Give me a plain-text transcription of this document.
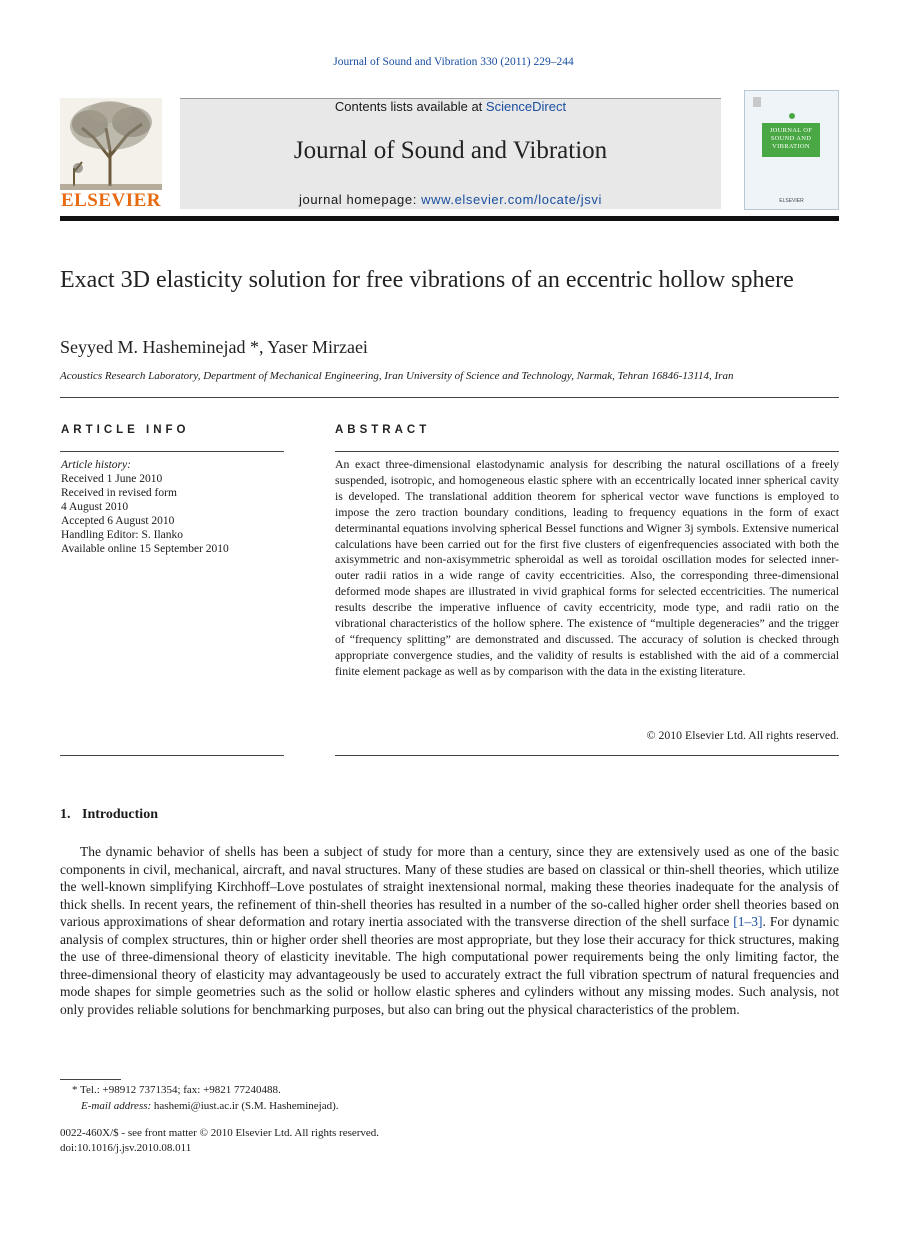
Journal of Sound and Vibration 330 (2011) 229–244
ELSEVIER
Contents lists available at ScienceDirect
Journal of Sound and Vibration
journal homepage: www.elsevier.com/locate/jsvi
JOURNAL OF SOUND AND VIBRATION
ELSEVIER
Exact 3D elasticity solution for free vibrations of an eccentric hollow sphere
Seyyed M. Hasheminejad *, Yaser Mirzaei
Acoustics Research Laboratory, Department of Mechanical Engineering, Iran University of Science and Technology, Narmak, Tehran 16846-13114, Iran
ARTICLE INFO	ABSTRACT
Article history:
Received 1 June 2010
Received in revised form
4 August 2010
Accepted 6 August 2010
Handling Editor: S. Ilanko
Available online 15 September 2010
An exact three-dimensional elastodynamic analysis for describing the natural oscillations of a freely suspended, isotropic, and homogeneous elastic sphere with an eccentrically located inner spherical cavity is developed. The translational addition theorem for spherical vector wave functions is employed to impose the zero traction boundary conditions, leading to frequency equations in the form of exact determinantal equations involving spherical Bessel functions and Wigner 3j symbols. Extensive numerical calculations have been carried out for the first five clusters of eigenfrequencies associated with both the axisymmetric and non-axisymmetric spheroidal as well as toroidal oscillation modes for selected inner-outer radii ratios in a wide range of cavity eccentricities. Also, the corresponding three-dimensional deformed mode shapes are illustrated in vivid graphical forms for selected eccentricities. The numerical results describe the imperative influence of cavity eccentricity, mode type, and radii ratio on the vibrational characteristics of the hollow sphere. The existence of “multiple degeneracies” and the trigger of “frequency splitting” are demonstrated and discussed. The accuracy of solution is checked through appropriate convergence studies, and the validity of results is established with the aid of a commercial finite element package as well as by comparison with the data in the existing literature.
© 2010 Elsevier Ltd. All rights reserved.
1. Introduction
The dynamic behavior of shells has been a subject of study for more than a century, since they are extensively used as one of the basic components in civil, mechanical, aircraft, and naval structures. Many of these studies are based on classical or thin-shell theories, which utilize the well-known simplifying Kirchhoff–Love postulates of straight inextensional normal, making these theories inadequate for the analysis of thick shells. In recent years, the refinement of thin-shell theories has resulted in a number of the so-called higher order shell theories based on various approximations of shear deformation and rotary inertia associated with the transverse direction of the shell surface [1–3]. For dynamic analysis of complex structures, thin or higher order shell theories are most appropriate, but they lose their accuracy for thick structures, making the use of three-dimensional theory of elasticity inevitable. The high computational power requirements being the only limiting factor, the three-dimensional theory of elasticity may advantageously be used to accurately extract the full vibration spectrum of natural frequencies and mode shapes for simple geometries such as the solid or hollow elastic spheres and cylinders without any missing modes. Such analysis, not only provides reliable solutions for benchmarking purposes, but also can bring out the physical characteristics of the problem.
* Tel.: +98912 7371354; fax: +9821 77240488.
E-mail address: hashemi@iust.ac.ir (S.M. Hasheminejad).
0022-460X/$ - see front matter © 2010 Elsevier Ltd. All rights reserved.
doi:10.1016/j.jsv.2010.08.011
